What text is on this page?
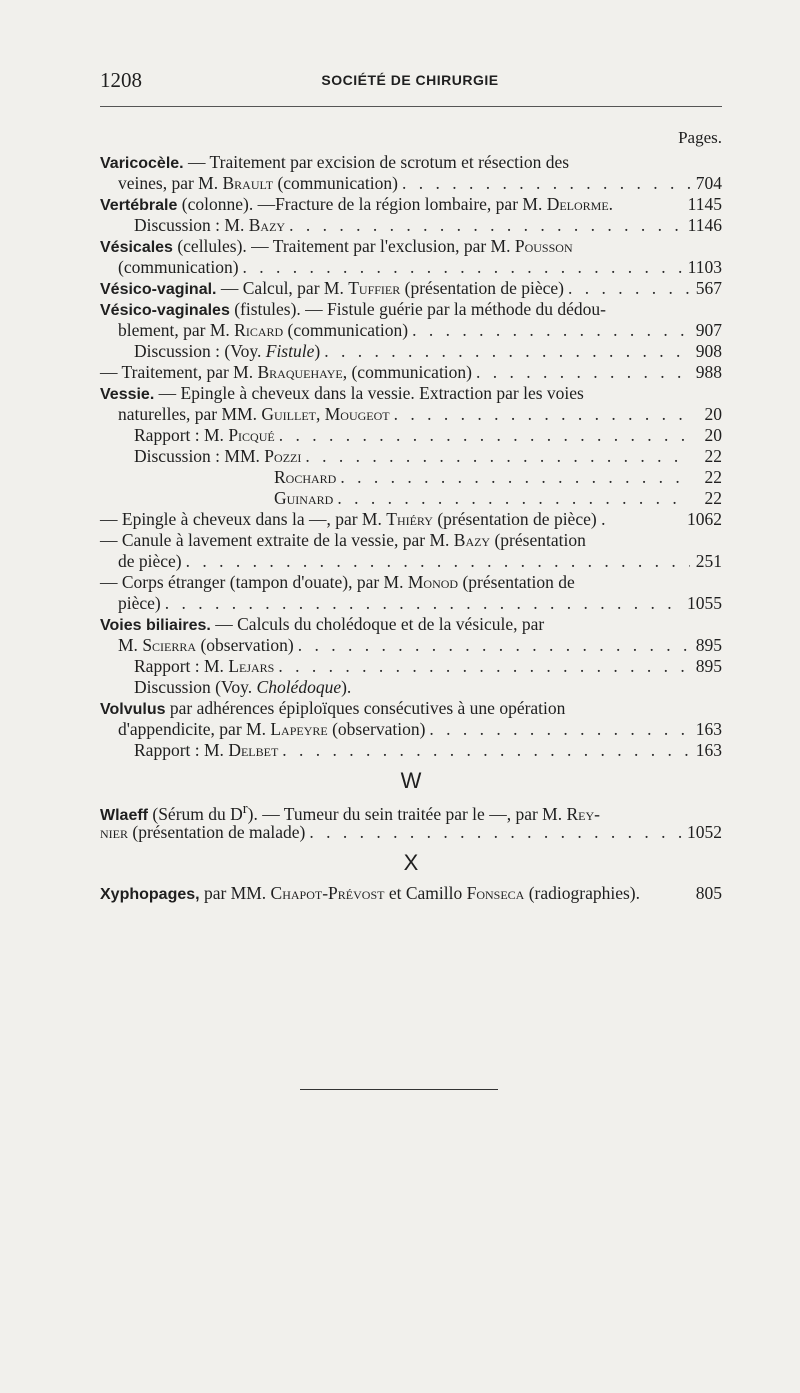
1208	SOCIÉTÉ DE CHIRURGIE
Pages.
Varicocèle. — Traitement par excision de scrotum et résection des
veines, par M. Brault (communication) . . .	704
Vertébrale (colonne). —Fracture de la région lombaire, par M. Delorme.	1145
Discussion : M. Bazy . . .	1146
Vésicales (cellules). — Traitement par l'exclusion, par M. Pousson
(communication) . . .	1103
Vésico-vaginal. — Calcul, par M. Tuffier (présentation de pièce) . . .	567
Vésico-vaginales (fistules). — Fistule guérie par la méthode du dédou-
blement, par M. Ricard (communication) . . .	907
Discussion : (Voy. Fistule) . . .	908
— Traitement, par M. Braquehaye, (communication) . . .	988
Vessie. — Epingle à cheveux dans la vessie. Extraction par les voies
naturelles, par MM. Guillet, Mougeot . . .	20
Rapport : M. Picqué . . .	20
Discussion : MM. Pozzi . . .	22
Rochard . . .	22
Guinard . . .	22
— Epingle à cheveux dans la —, par M. Thiéry (présentation de pièce) .	1062
— Canule à lavement extraite de la vessie, par M. Bazy (présentation
de pièce) . . .	251
— Corps étranger (tampon d'ouate), par M. Monod (présentation de
pièce) . . .	1055
Voies biliaires. — Calculs du cholédoque et de la vésicule, par
M. Scierra (observation) . . .	895
Rapport : M. Lejars . . .	895
Discussion (Voy. Cholédoque).
Volvulus par adhérences épiploïques consécutives à une opération
d'appendicite, par M. Lapeyre (observation) . . .	163
Rapport : M. Delbet . . .	163
W
Wlaeff (Sérum du $D^r$). — Tumeur du sein traitée par le —, par M. Rey-
nier (présentation de malade) . . .	1052
X
Xyphopages, par MM. Chapot-Prévost et Camillo Fonseca (radiographies).	805
